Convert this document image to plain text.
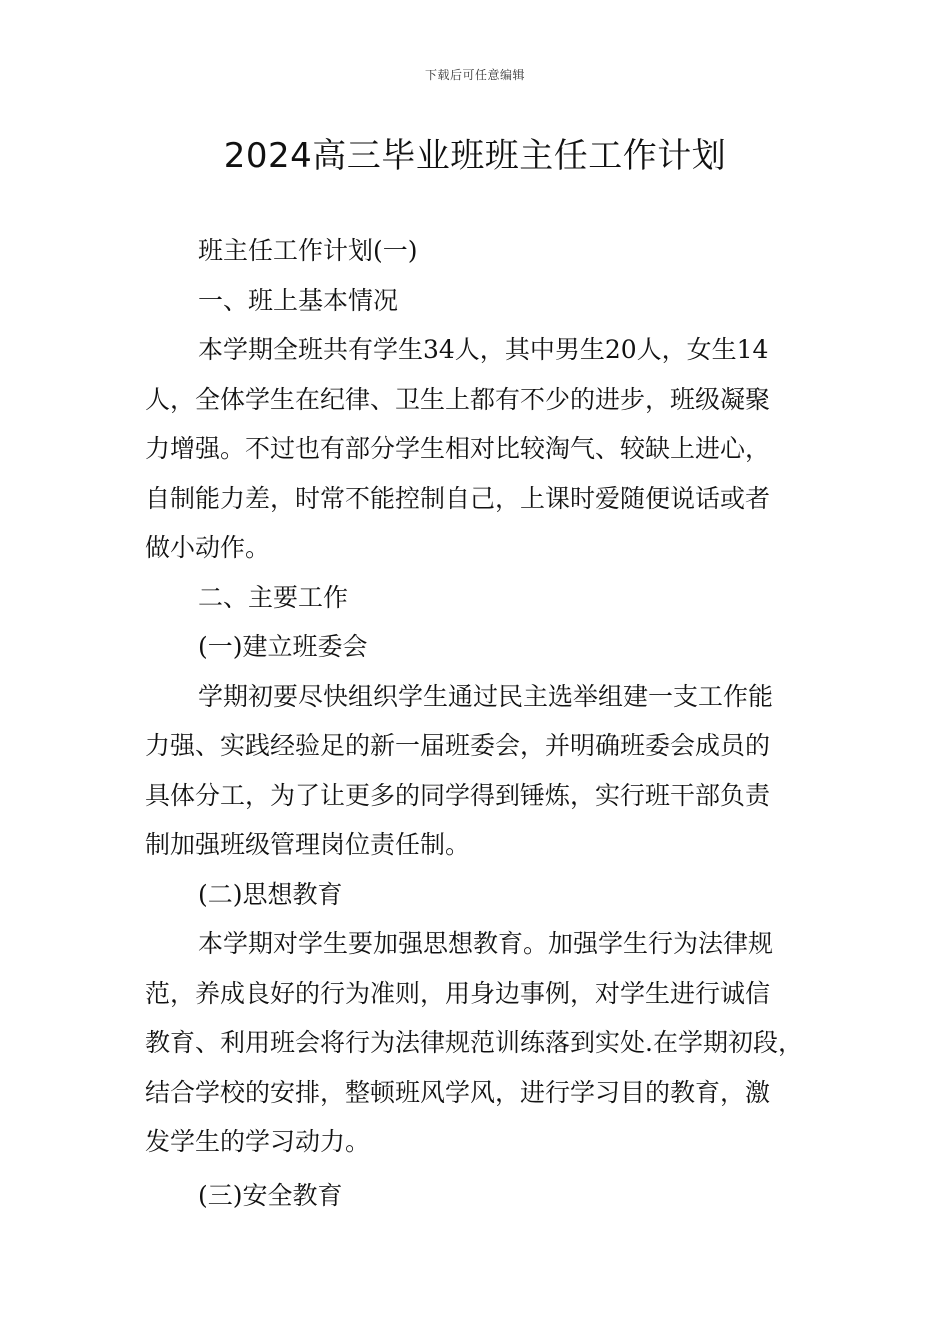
下载后可任意编辑
2024高三毕业班班主任工作计划

班主任工作计划(一)

一、班上基本情况

本学期全班共有学生34人，其中男生20人，女生14

人，全体学生在纪律、卫生上都有不少的进步，班级凝聚

力增强。不过也有部分学生相对比较淘气、较缺上进心，

自制能力差，时常不能控制自己，上课时爱随便说话或者

做小动作。

二、主要工作

(一)建立班委会

学期初要尽快组织学生通过民主选举组建一支工作能

力强、实践经验足的新一届班委会，并明确班委会成员的

具体分工，为了让更多的同学得到锤炼，实行班干部负责

制加强班级管理岗位责任制。

(二)思想教育

本学期对学生要加强思想教育。加强学生行为法律规

范，养成良好的行为准则，用身边事例，对学生进行诚信

教育、利用班会将行为法律规范训练落到实处.在学期初段，

结合学校的安排，整顿班风学风，进行学习目的教育，激

发学生的学习动力。

(三)安全教育
